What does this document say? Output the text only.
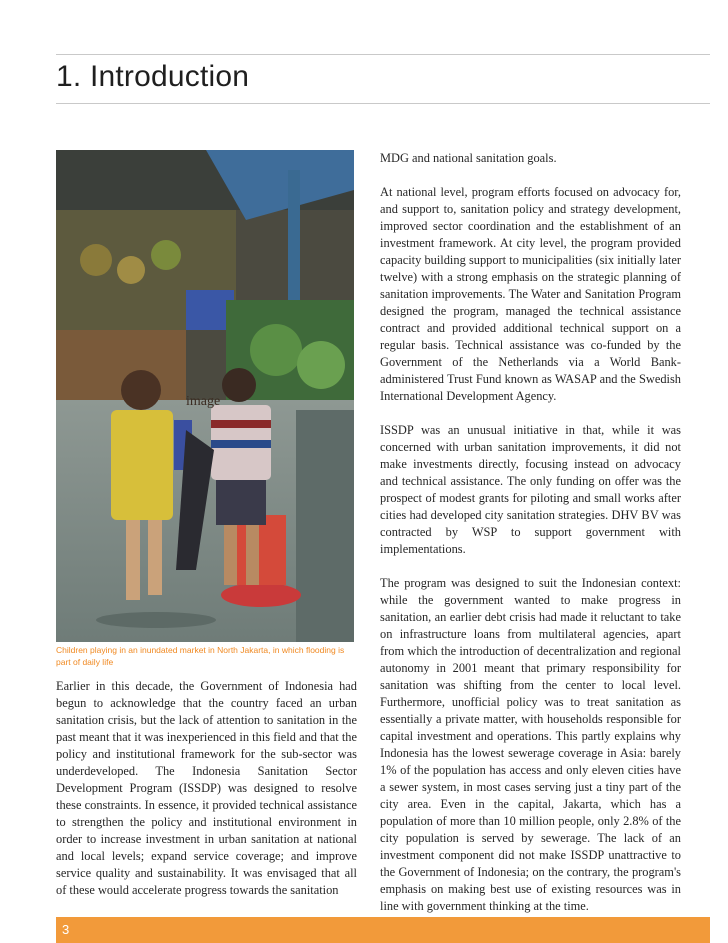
1. Introduction
image

Children playing in an inundated market in North Jakarta, in which flooding is part of daily life

Earlier in this decade, the Government of Indonesia had begun to acknowledge that the country faced an urban sanitation crisis, but the lack of attention to sanitation in the past meant that it was inexperienced in this field and that the policy and institutional framework for the sub-sector was underdeveloped. The Indonesia Sanitation Sector Development Program (ISSDP) was designed to resolve these constraints. In essence, it provided technical assistance to strengthen the policy and institutional environment in order to increase investment in urban sanitation at national and local levels; expand service coverage; and improve service quality and sustainability. It was envisaged that all of these would accelerate progress towards the sanitation

MDG and national sanitation goals.

At national level, program efforts focused on advocacy for, and support to, sanitation policy and strategy development, improved sector coordination and the establishment of an investment framework. At city level, the program provided capacity building support to municipalities (six initially later twelve) with a strong emphasis on the strategic planning of sanitation improvements. The Water and Sanitation Program designed the program, managed the technical assistance contract and provided additional technical support on a regular basis. Technical assistance was co-funded by the Government of the Netherlands via a World Bank-administered Trust Fund known as WASAP and the Swedish International Development Agency.

ISSDP was an unusual initiative in that, while it was concerned with urban sanitation improvements, it did not make investments directly, focusing instead on advocacy and technical assistance. The only funding on offer was the prospect of modest grants for piloting and small works after cities had developed city sanitation strategies. DHV BV was contracted by WSP to support government with implementations.

The program was designed to suit the Indonesian context: while the government wanted to make progress in sanitation, an earlier debt crisis had made it reluctant to take on infrastructure loans from multilateral agencies, apart from which the introduction of decentralization and regional autonomy in 2001 meant that primary responsibility for sanitation was shifting from the center to local level. Furthermore, unofficial policy was to treat sanitation as essentially a private matter, with households responsible for capital investment and operations. This partly explains why Indonesia has the lowest sewerage coverage in Asia: barely 1% of the population has access and only eleven cities have a sewer system, in most cases serving just a tiny part of the city area. Even in the capital, Jakarta, which has a population of more than 10 million people, only 2.8% of the city population is served by sewerage. The lack of an investment component did not make ISSDP unattractive to the Government of Indonesia; on the contrary, the program's emphasis on making best use of existing resources was in line with government thinking at the time.

3
